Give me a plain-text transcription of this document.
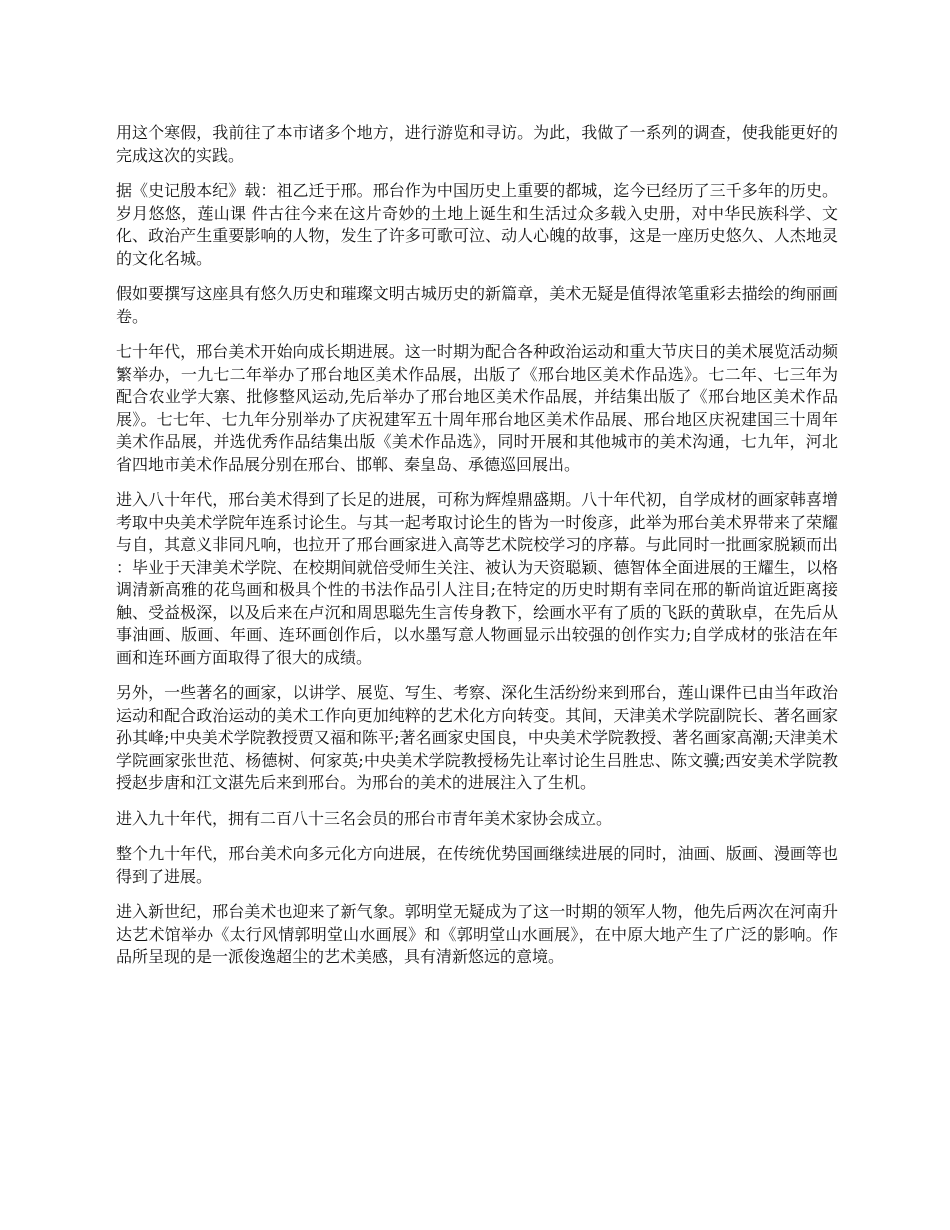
用这个寒假，我前往了本市诸多个地方，进行游览和寻访。为此，我做了一系列的调查，使我能更好的完成这次的实践。

据《史记殷本纪》载：祖乙迁于邢。邢台作为中国历史上重要的都城，迄今已经历了三千多年的历史。岁月悠悠，莲山课 件古往今来在这片奇妙的土地上诞生和生活过众多载入史册，对中华民族科学、文化、政治产生重要影响的人物，发生了许多可歌可泣、动人心魄的故事，这是一座历史悠久、人杰地灵的文化名城。

假如要撰写这座具有悠久历史和璀璨文明古城历史的新篇章，美术无疑是值得浓笔重彩去描绘的绚丽画卷。

七十年代，邢台美术开始向成长期进展。这一时期为配合各种政治运动和重大节庆日的美术展览活动频繁举办，一九七二年举办了邢台地区美术作品展，出版了《邢台地区美术作品选》。七二年、七三年为配合农业学大寨、批修整风运动,先后举办了邢台地区美术作品展，并结集出版了《邢台地区美术作品展》。七七年、七九年分别举办了庆祝建军五十周年邢台地区美术作品展、邢台地区庆祝建国三十周年美术作品展，并选优秀作品结集出版《美术作品选》，同时开展和其他城市的美术沟通，七九年，河北省四地市美术作品展分别在邢台、邯郸、秦皇岛、承德巡回展出。

进入八十年代，邢台美术得到了长足的进展，可称为辉煌鼎盛期。八十年代初，自学成材的画家韩喜增考取中央美术学院年连系讨论生。与其一起考取讨论生的皆为一时俊彦，此举为邢台美术界带来了荣耀与自，其意义非同凡响，也拉开了邢台画家进入高等艺术院校学习的序幕。与此同时一批画家脱颖而出：毕业于天津美术学院、在校期间就倍受师生关注、被认为天资聪颖、德智体全面进展的王耀生，以格调清新高雅的花鸟画和极具个性的书法作品引人注目;在特定的历史时期有幸同在邢的靳尚谊近距离接触、受益极深，以及后来在卢沉和周思聪先生言传身教下，绘画水平有了质的飞跃的黄耿卓，在先后从事油画、版画、年画、连环画创作后，以水墨写意人物画显示出较强的创作实力;自学成材的张洁在年画和连环画方面取得了很大的成绩。

另外，一些著名的画家，以讲学、展览、写生、考察、深化生活纷纷来到邢台，莲山课件已由当年政治运动和配合政治运动的美术工作向更加纯粹的艺术化方向转变。其间，天津美术学院副院长、著名画家孙其峰;中央美术学院教授贾又福和陈平;著名画家史国良，中央美术学院教授、著名画家高潮;天津美术学院画家张世范、杨德树、何家英;中央美术学院教授杨先让率讨论生吕胜忠、陈文骥;西安美术学院教授赵步唐和江文湛先后来到邢台。为邢台的美术的进展注入了生机。

进入九十年代，拥有二百八十三名会员的邢台市青年美术家协会成立。

整个九十年代，邢台美术向多元化方向进展，在传统优势国画继续进展的同时，油画、版画、漫画等也得到了进展。

进入新世纪，邢台美术也迎来了新气象。郭明堂无疑成为了这一时期的领军人物，他先后两次在河南升达艺术馆举办《太行风情郭明堂山水画展》和《郭明堂山水画展》，在中原大地产生了广泛的影响。作品所呈现的是一派俊逸超尘的艺术美感，具有清新悠远的意境。
